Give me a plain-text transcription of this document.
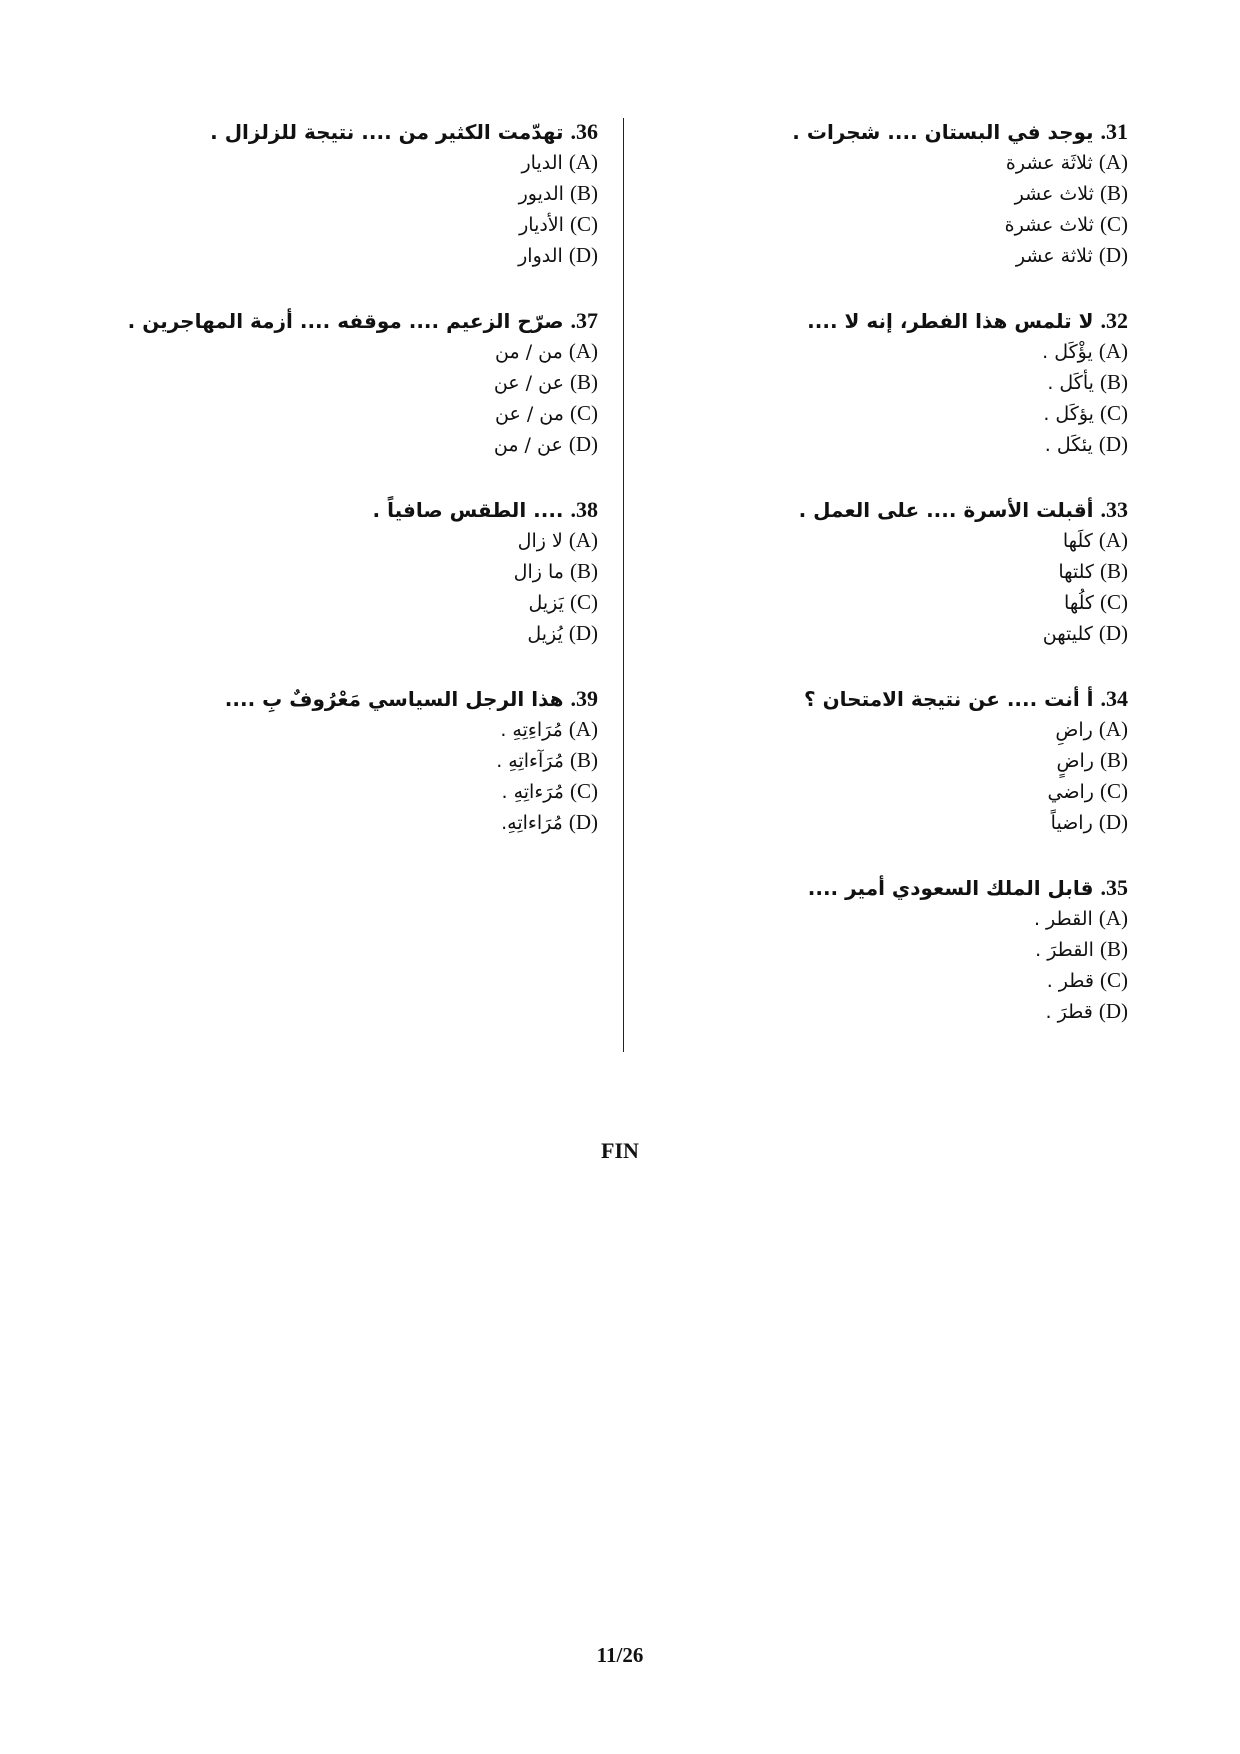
31. يوجد في البستان .... شجرات .
(A) ثلاثَة عشرة
(B) ثلاث عشر
(C) ثلاث عشرة
(D) ثلاثة عشر
32. لا تلمس هذا الفطر، إنه لا ....
(A) يؤْكَل .
(B) يأكَل .
(C) يؤكَل .
(D) يئكَل .
33. أقبلت الأسرة .... على العمل .
(A) كلَها
(B) كلتها
(C) كلُها
(D) كليتهن
34. أ أنت .... عن نتيجة الامتحان ؟
(A) راضِ
(B) راضٍ
(C) راضي
(D) راضياً
35. قابل الملك السعودي أمير ....
(A) القطر .
(B) القطرَ .
(C) قطر .
(D) قطرَ .
36. تهدّمت الكثير من .... نتيجة للزلزال .
(A) الديار
(B) الديور
(C) الأديار
(D) الدوار
37. صرّح الزعيم .... موقفه .... أزمة المهاجرين .
(A) من / من
(B) عن / عن
(C) من / عن
(D) عن / من
38. .... الطقس صافياً .
(A) لا زال
(B) ما زال
(C) يَزيل
(D) يُزيل
39. هذا الرجل السياسي مَعْرُوفٌ بِ ....
(A) مُرَاءِتِهِ .
(B) مُرَآءاتِهِ .
(C) مُرَءاتِهِ .
(D) مُرَاءاتِهِ.
FIN
11/26
